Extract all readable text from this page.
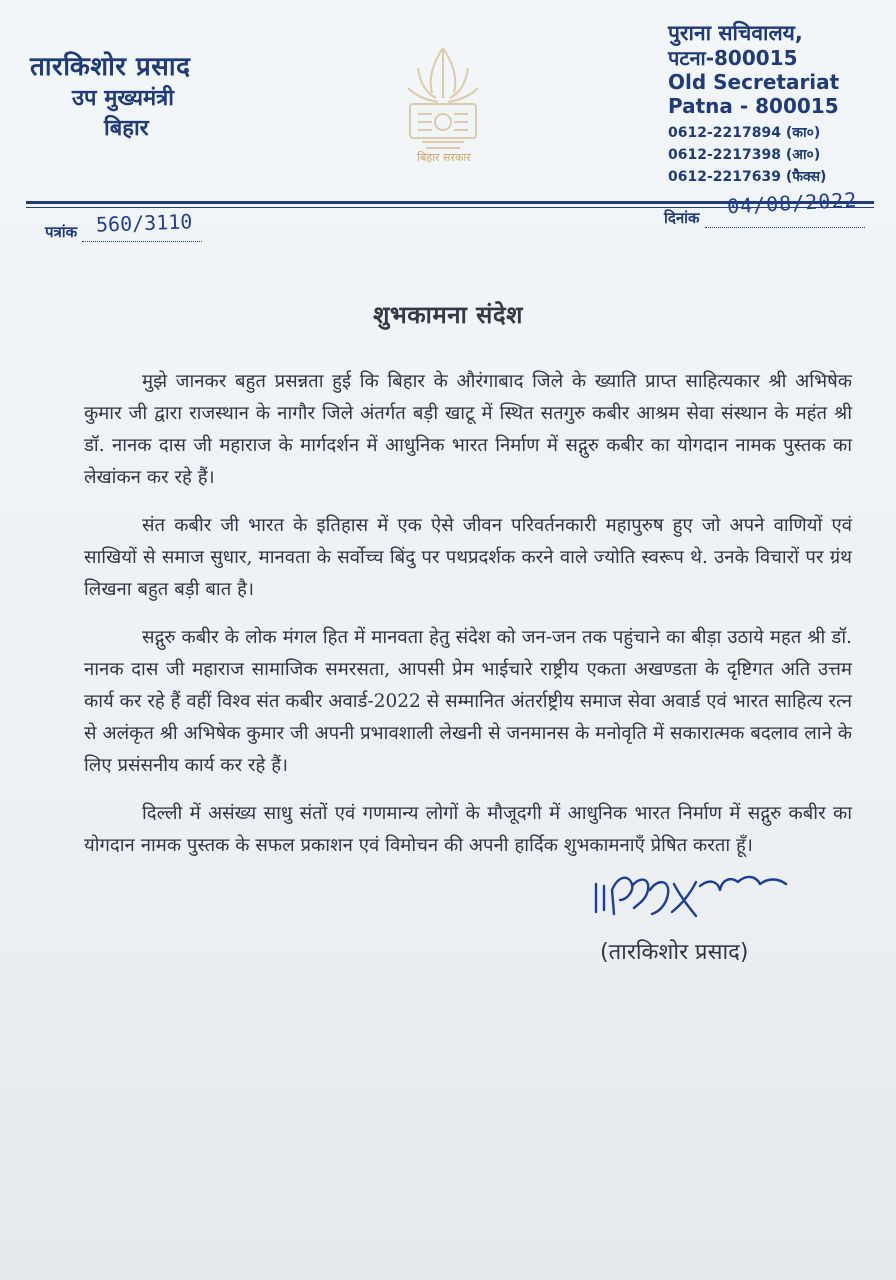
तारकिशोर प्रसाद
उप मुख्यमंत्री
बिहार
बिहार सरकार
पुराना सचिवालय,
पटना-800015
Old Secretariat
Patna - 800015
0612-2217894 (का०)
0612-2217398 (आ०)
0612-2217639 (फैक्स)
पत्रांक 560/3110	दिनांक 04/08/2022
शुभकामना संदेश

मुझे जानकर बहुत प्रसन्नता हुई कि बिहार के औरंगाबाद जिले के ख्याति प्राप्त साहित्यकार श्री अभिषेक कुमार जी द्वारा राजस्थान के नागौर जिले अंतर्गत बड़ी खाटू में स्थित सतगुरु कबीर आश्रम सेवा संस्थान के महंत श्री डॉ. नानक दास जी महाराज के मार्गदर्शन में आधुनिक भारत निर्माण में सद्गुरु कबीर का योगदान नामक पुस्तक का लेखांकन कर रहे हैं।

संत कबीर जी भारत के इतिहास में एक ऐसे जीवन परिवर्तनकारी महापुरुष हुए जो अपने वाणियों एवं साखियों से समाज सुधार, मानवता के सर्वोच्च बिंदु पर पथप्रदर्शक करने वाले ज्योति स्वरूप थे. उनके विचारों पर ग्रंथ लिखना बहुत बड़ी बात है।

सद्गुरु कबीर के लोक मंगल हित में मानवता हेतु संदेश को जन-जन तक पहुंचाने का बीड़ा उठाये महत श्री डॉ. नानक दास जी महाराज सामाजिक समरसता, आपसी प्रेम भाईचारे राष्ट्रीय एकता अखण्डता के दृष्टिगत अति उत्तम कार्य कर रहे हैं वहीं विश्व संत कबीर अवार्ड-2022 से सम्मानित अंतर्राष्ट्रीय समाज सेवा अवार्ड एवं भारत साहित्य रत्न से अलंकृत श्री अभिषेक कुमार जी अपनी प्रभावशाली लेखनी से जनमानस के मनोवृति में सकारात्मक बदलाव लाने के लिए प्रसंसनीय कार्य कर रहे हैं।

दिल्ली में असंख्य साधु संतों एवं गणमान्य लोगों के मौजूदगी में आधुनिक भारत निर्माण में सद्गुरु कबीर का योगदान नामक पुस्तक के सफल प्रकाशन एवं विमोचन की अपनी हार्दिक शुभकामनाएँ प्रेषित करता हूँ।

(तारकिशोर प्रसाद)
